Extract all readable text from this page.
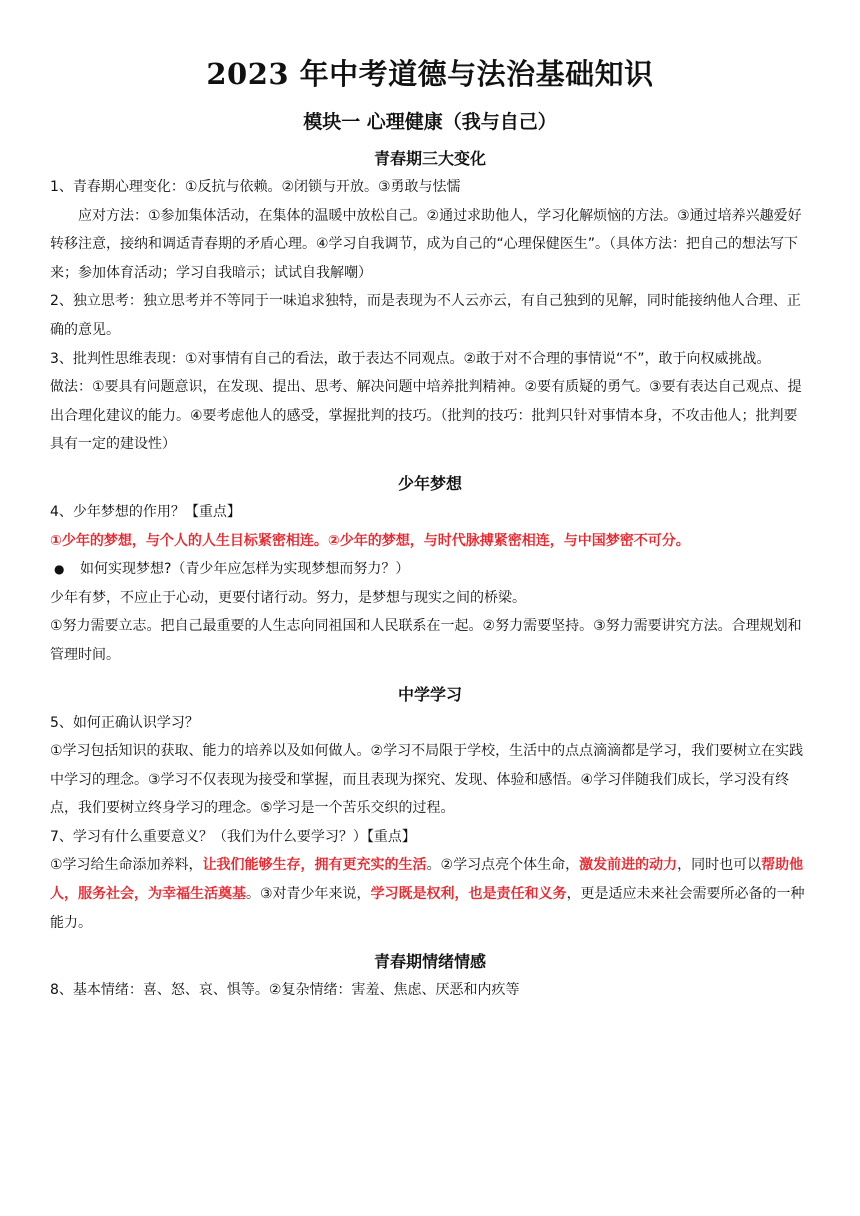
2023 年中考道德与法治基础知识
模块一 心理健康（我与自己）
青春期三大变化

1、青春期心理变化：①反抗与依赖。②闭锁与开放。③勇敢与怯懦

应对方法：①参加集体活动，在集体的温暖中放松自己。②通过求助他人，学习化解烦恼的方法。③通过培养兴趣爱好转移注意，接纳和调适青春期的矛盾心理。④学习自我调节，成为自己的“心理保健医生”。（具体方法：把自己的想法写下来；参加体育活动；学习自我暗示；试试自我解嘲）

2、独立思考：独立思考并不等同于一味追求独特，而是表现为不人云亦云，有自己独到的见解，同时能接纳他人合理、正确的意见。

3、批判性思维表现：①对事情有自己的看法，敢于表达不同观点。②敢于对不合理的事情说“不”，敢于向权威挑战。

做法：①要具有问题意识，在发现、提出、思考、解决问题中培养批判精神。②要有质疑的勇气。③要有表达自己观点、提出合理化建议的能力。④要考虑他人的感受，掌握批判的技巧。（批判的技巧：批判只针对事情本身，不攻击他人；批判要具有一定的建设性）

少年梦想

4、少年梦想的作用？【重点】

①少年的梦想，与个人的人生目标紧密相连。②少年的梦想，与时代脉搏紧密相连，与中国梦密不可分。

● 如何实现梦想?（青少年应怎样为实现梦想而努力？）

少年有梦，不应止于心动，更要付诸行动。努力，是梦想与现实之间的桥梁。

①努力需要立志。把自己最重要的人生志向同祖国和人民联系在一起。②努力需要坚持。③努力需要讲究方法。合理规划和管理时间。

中学学习

5、如何正确认识学习？

①学习包括知识的获取、能力的培养以及如何做人。②学习不局限于学校，生活中的点点滴滴都是学习，我们要树立在实践中学习的理念。③学习不仅表现为接受和掌握，而且表现为探究、发现、体验和感悟。④学习伴随我们成长，学习没有终点，我们要树立终身学习的理念。⑤学习是一个苦乐交织的过程。

7、学习有什么重要意义？（我们为什么要学习？）【重点】

①学习给生命添加养料，让我们能够生存，拥有更充实的生活。②学习点亮个体生命，激发前进的动力，同时也可以帮助他人，服务社会，为幸福生活奠基。③对青少年来说，学习既是权利，也是责任和义务，更是适应未来社会需要所必备的一种能力。

青春期情绪情感

8、基本情绪：喜、怒、哀、惧等。②复杂情绪：害羞、焦虑、厌恶和内疚等
